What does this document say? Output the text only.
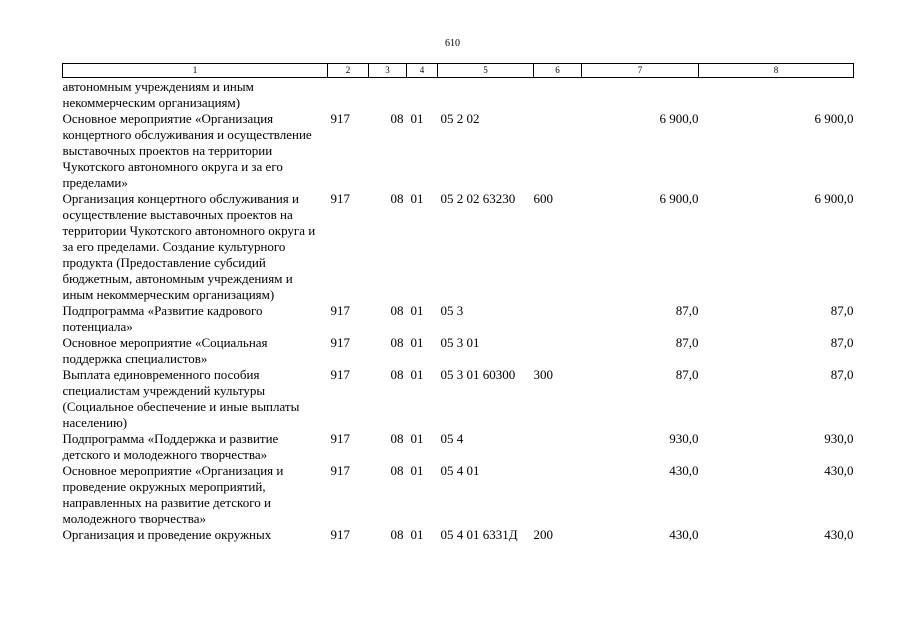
610
1	2	3	4	5	6	7	8
автономным учреждениям и иным некоммерческим организациям)							
Основное мероприятие «Организация концертного обслуживания и осуществление выставочных проектов на территории Чукотского автономного округа и за его пределами»	917	08	01	05 2 02		6 900,0	6 900,0
Организация концертного обслуживания и осуществление выставочных проектов на территории Чукотского автономного округа и за его пределами. Создание культурного продукта (Предоставление субсидий бюджетным, автономным учреждениям и иным некоммерческим организациям)	917	08	01	05 2 02 63230	600	6 900,0	6 900,0
Подпрограмма «Развитие кадрового потенциала»	917	08	01	05 3		87,0	87,0
Основное мероприятие «Социальная поддержка специалистов»	917	08	01	05 3 01		87,0	87,0
Выплата единовременного пособия специалистам учреждений культуры (Социальное обеспечение и иные выплаты населению)	917	08	01	05 3 01 60300	300	87,0	87,0
Подпрограмма «Поддержка и развитие детского и молодежного творчества»	917	08	01	05 4		930,0	930,0
Основное мероприятие «Организация и проведение окружных мероприятий, направленных на развитие детского и молодежного творчества»	917	08	01	05 4 01		430,0	430,0
Организация и проведение окружных	917	08	01	05 4 01 6331Д	200	430,0	430,0
